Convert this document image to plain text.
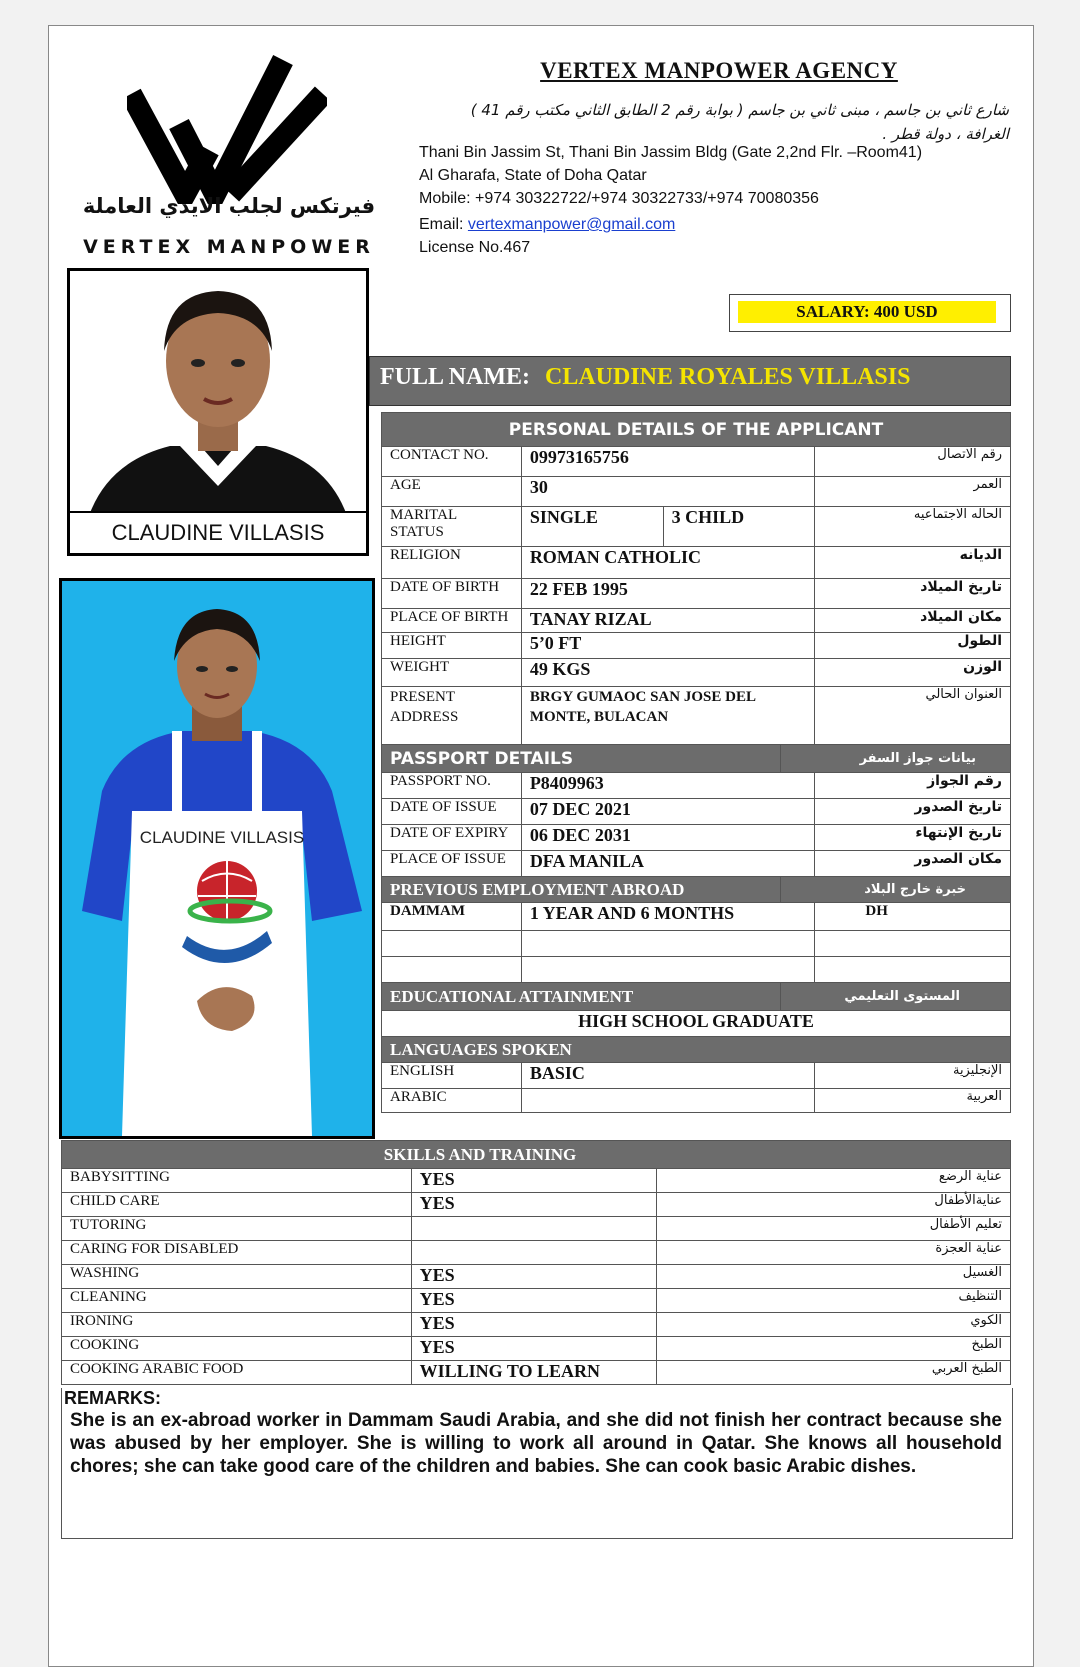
فيرتكس لجلب الايدي العاملة
VERTEX MANPOWER
VERTEX MANPOWER AGENCY
شارع ثاني بن جاسم ، مبنى ثاني بن جاسم ( بوابة رقم 2 الطابق الثاني مكتب رقم 41 )
الغرافة ، دولة قطر .
Thani Bin Jassim St, Thani Bin Jassim Bldg (Gate 2,2nd Flr. –Room41)
Al Gharafa, State of Doha Qatar
Mobile: +974 30322722/+974 30322733/+974 70080356
Email: vertexmanpower@gmail.com
License No.467
SALARY: 400 USD
CLAUDINE VILLASIS
CLAUDINE VILLASIS
FULL NAME: CLAUDINE ROYALES VILLASIS
PERSONAL DETAILS OF THE APPLICANT				
CONTACT NO.	09973165756			رقم الاتصال
AGE	30			العمر
MARITAL STATUS	SINGLE	3 CHILD		الحاله الاجتماعيه
RELIGION	ROMAN CATHOLIC			الديانه
DATE OF BIRTH	22 FEB 1995			تاريخ الميلاد
PLACE OF BIRTH	TANAY RIZAL			مكان الميلاد
HEIGHT	5’0 FT			الطول
WEIGHT	49 KGS			الوزن
PRESENT ADDRESS	BRGY GUMAOC SAN JOSE DEL MONTE, BULACAN			العنوان الحالي
PASSPORT DETAILS			بيانات جواز السفر	
PASSPORT NO.	P8409963			رقم الجواز
DATE OF ISSUE	07 DEC 2021			تاريخ الصدور
DATE OF EXPIRY	06 DEC 2031			تاريخ الإنتهاء
PLACE OF ISSUE	DFA MANILA			مكان الصدور
PREVIOUS EMPLOYMENT ABROAD			خبرة خارج البلاد	
DAMMAM	1 YEAR AND 6 MONTHS			DH

EDUCATIONAL ATTAINMENT			المستوى التعليمي	
HIGH SCHOOL GRADUATE				
LANGUAGES SPOKEN				
ENGLISH	BASIC			الإنجليزية
ARABIC				العربية
SKILLS AND TRAINING		
BABYSITTING	YES	عناية الرضع
CHILD CARE	YES	عنايةالأطفال
TUTORING		تعليم الأطفال
CARING FOR DISABLED		عناية العجزة
WASHING	YES	الغسيل
CLEANING	YES	التنظيف
IRONING	YES	الكوي
COOKING	YES	الطبخ
COOKING ARABIC FOOD	WILLING TO LEARN	الطبخ العربي
REMARKS:
She is an ex-abroad worker in Dammam Saudi Arabia, and she did not finish her contract because she was abused by her employer. She is willing to work all around in Qatar. She knows all household chores; she can take good care of the children and babies. She can cook basic Arabic dishes.
